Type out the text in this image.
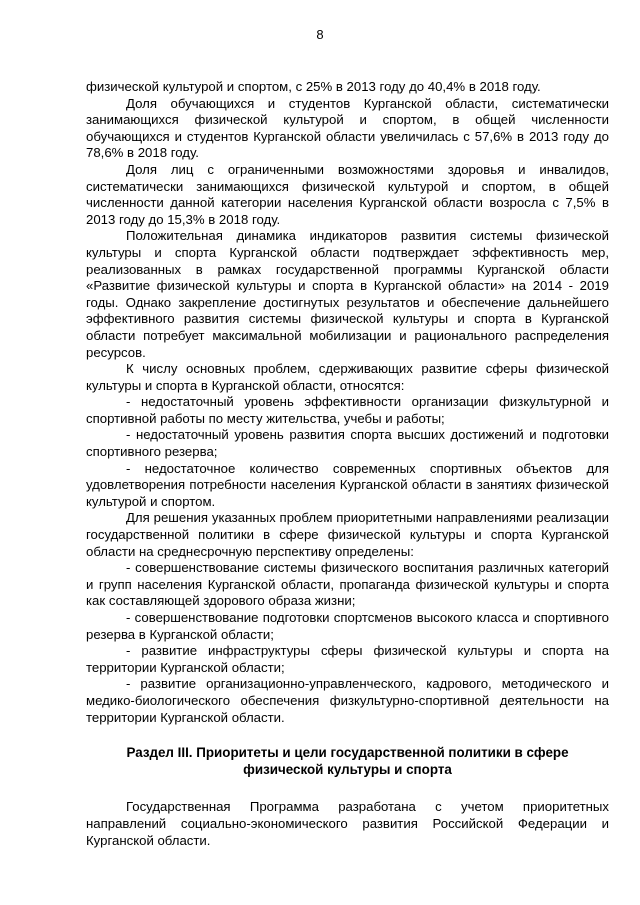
8

физической культурой и спортом, с 25% в 2013 году до 40,4% в 2018 году.

Доля обучающихся и студентов Курганской области, систематически занимающихся физической культурой и спортом, в общей численности обучающихся и студентов Курганской области увеличилась с 57,6% в 2013 году до 78,6% в 2018 году.

Доля лиц с ограниченными возможностями здоровья и инвалидов, систематически занимающихся физической культурой и спортом, в общей численности данной категории населения Курганской области возросла с 7,5% в 2013 году до 15,3% в 2018 году.

Положительная динамика индикаторов развития системы физической культуры и спорта Курганской области подтверждает эффективность мер, реализованных в рамках государственной программы Курганской области «Развитие физической культуры и спорта в Курганской области» на 2014 - 2019 годы. Однако закрепление достигнутых результатов и обеспечение дальнейшего эффективного развития системы физической культуры и спорта в Курганской области потребует максимальной мобилизации и рационального распределения ресурсов.

К числу основных проблем, сдерживающих развитие сферы физической культуры и спорта в Курганской области, относятся:

- недостаточный уровень эффективности организации физкультурной и спортивной работы по месту жительства, учебы и работы;

- недостаточный уровень развития спорта высших достижений и подготовки спортивного резерва;

- недостаточное количество современных спортивных объектов для удовлетворения потребности населения Курганской области в занятиях физической культурой и спортом.

Для решения указанных проблем приоритетными направлениями реализации государственной политики в сфере физической культуры и спорта Курганской области на среднесрочную перспективу определены:

- совершенствование системы физического воспитания различных категорий и групп населения Курганской области, пропаганда физической культуры и спорта как составляющей здорового образа жизни;

- совершенствование подготовки спортсменов высокого класса и спортивного резерва в Курганской области;

- развитие инфраструктуры сферы физической культуры и спорта на территории Курганской области;

- развитие организационно-управленческого, кадрового, методического и медико-биологического обеспечения физкультурно-спортивной деятельности на территории Курганской области.

Раздел III. Приоритеты и цели государственной политики в сфере физической культуры и спорта

Государственная Программа разработана с учетом приоритетных направлений социально-экономического развития Российской Федерации и Курганской области.
